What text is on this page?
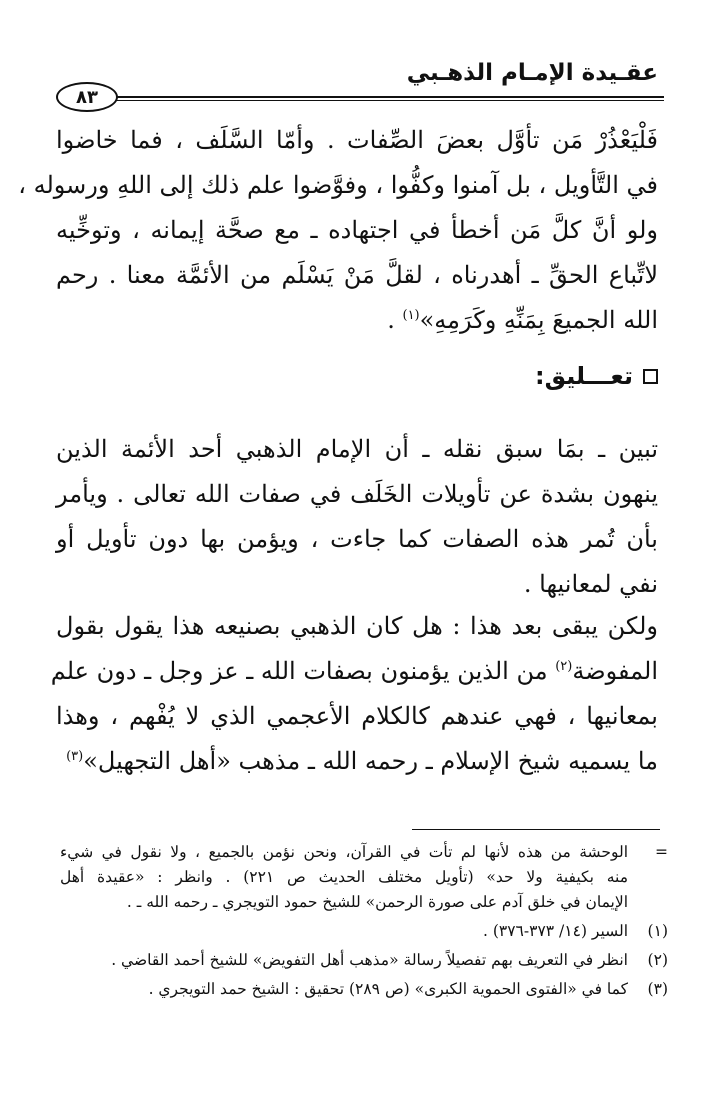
عقـيدة الإمـام الذهـبي
٨٣
فَلْيَعْذُرْ مَن تأوَّل بعضَ الصِّفات . وأمّا السَّلَف ، فما خاضوا
في التَّأويل ، بل آمنوا وكفُّوا ، وفوَّضوا علم ذلك إلى اللهِ ورسوله ،
ولو أنَّ كلَّ مَن أخطأ في اجتهاده ـ مع صحَّة إيمانه ، وتوخِّيه
لاتِّباع الحقِّ ـ أهدرناه ، لقلَّ مَنْ يَسْلَم من الأئمَّة معنا . رحم
الله الجميعَ بِمَنِّهِ وكَرَمِهِ»$^{(١)}$ .
تعـــليق:
تبين ـ بمَا سبق نقله ـ أن الإمام الذهبي أحد الأئمة الذين
ينهون بشدة عن تأويلات الخَلَف في صفات الله تعالى . ويأمر
بأن تُمر هذه الصفات كما جاءت ، ويؤمن بها دون تأويل أو
نفي لمعانيها .
ولكن يبقى بعد هذا : هل كان الذهبي بصنيعه هذا يقول بقول
المفوضة$^{(٢)}$ من الذين يؤمنون بصفات الله ـ عز وجل ـ دون علم
بمعانيها ، فهي عندهم كالكلام الأعجمي الذي لا يُفْهم ، وهذا
ما يسميه شيخ الإسلام ـ رحمه الله ـ مذهب «أهل التجهيل»$^{(٣)}$
=
الوحشة من هذه لأنها لم تأت في القرآن، ونحن نؤمن بالجميع ، ولا نقول في شيء
منه بكيفية ولا حد» (تأويل مختلف الحديث ص ٢٢١) . وانظر : «عقيدة أهل
الإيمان في خلق آدم على صورة الرحمن» للشيخ حمود التويجري ـ رحمه الله ـ .
(١)
السير (١٤/ ٣٧٣-٣٧٦) .
(٢)
انظر في التعريف بهم تفصيلاً رسالة «مذهب أهل التفويض» للشيخ أحمد القاضي .
(٣)
كما في «الفتوى الحموية الكبرى» (ص ٢٨٩) تحقيق : الشيخ حمد التويجري .
